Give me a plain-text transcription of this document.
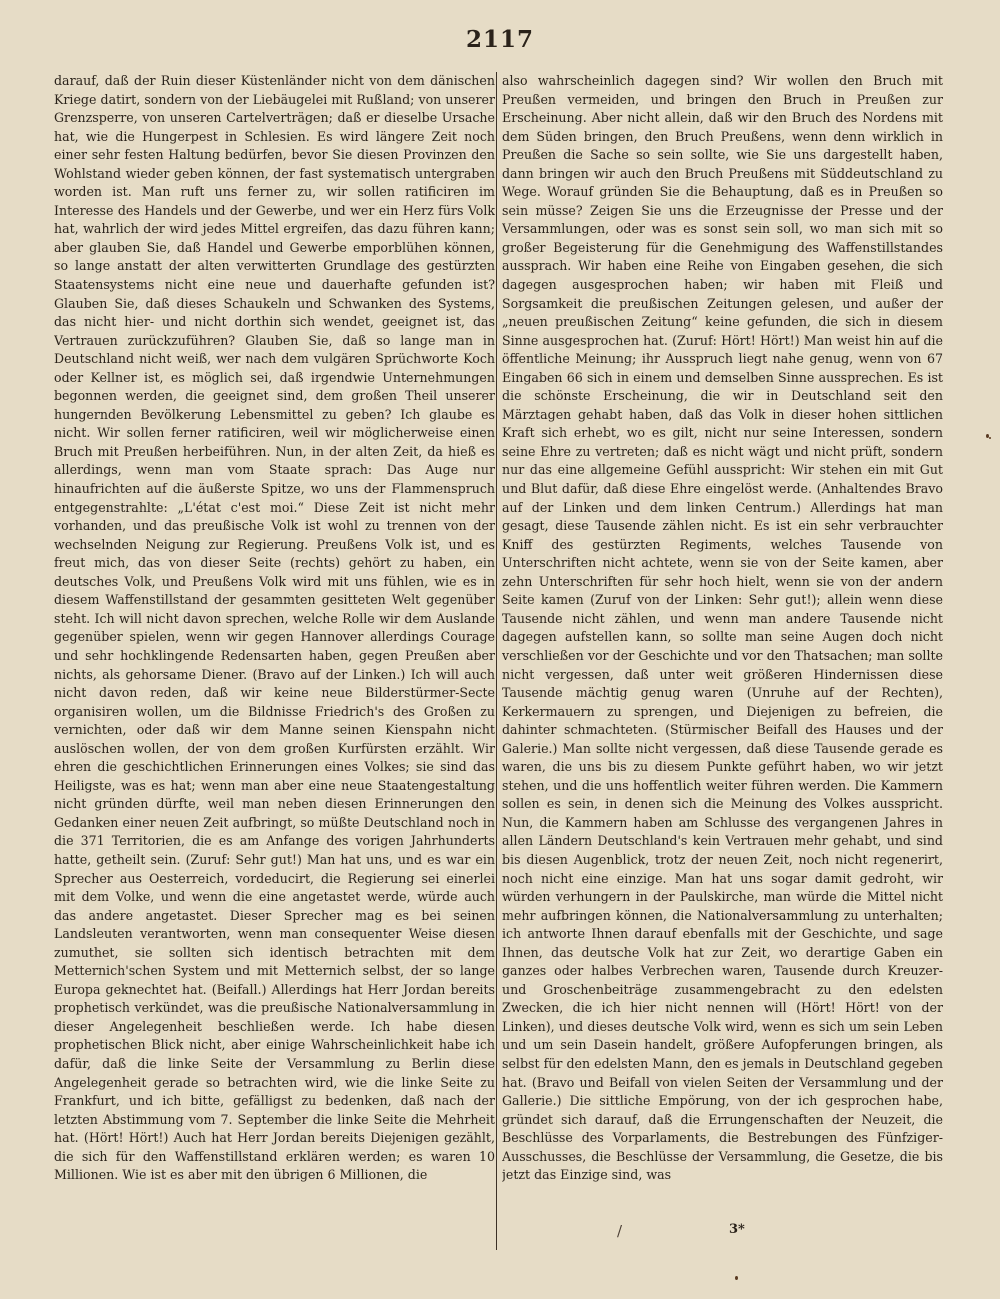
2117

darauf, daß der Ruin dieser Küstenländer nicht von dem dänischen Kriege datirt, sondern von der Liebäugelei mit Rußland; von unserer Grenzsperre, von unseren Cartelverträgen; daß er dieselbe Ursache hat, wie die Hungerpest in Schlesien. Es wird längere Zeit noch einer sehr festen Haltung bedürfen, bevor Sie diesen Provinzen den Wohlstand wieder geben können, der fast systematisch untergraben worden ist. Man ruft uns ferner zu, wir sollen ratificiren im Interesse des Handels und der Gewerbe, und wer ein Herz fürs Volk hat, wahrlich der wird jedes Mittel ergreifen, das dazu führen kann; aber glauben Sie, daß Handel und Gewerbe emporblühen können, so lange anstatt der alten verwitterten Grundlage des gestürzten Staatensystems nicht eine neue und dauerhafte gefunden ist? Glauben Sie, daß dieses Schaukeln und Schwanken des Systems, das nicht hier- und nicht dorthin sich wendet, geeignet ist, das Vertrauen zurückzuführen? Glauben Sie, daß so lange man in Deutschland nicht weiß, wer nach dem vulgären Sprüchworte Koch oder Kellner ist, es möglich sei, daß irgendwie Unternehmungen begonnen werden, die geeignet sind, dem großen Theil unserer hungernden Bevölkerung Lebensmittel zu geben? Ich glaube es nicht. Wir sollen ferner ratificiren, weil wir möglicherweise einen Bruch mit Preußen herbeiführen. Nun, in der alten Zeit, da hieß es allerdings, wenn man vom Staate sprach: Das Auge nur hinaufrichten auf die äußerste Spitze, wo uns der Flammenspruch entgegenstrahlte: „L'état c'est moi.“ Diese Zeit ist nicht mehr vorhanden, und das preußische Volk ist wohl zu trennen von der wechselnden Neigung zur Regierung. Preußens Volk ist, und es freut mich, das von dieser Seite (rechts) gehört zu haben, ein deutsches Volk, und Preußens Volk wird mit uns fühlen, wie es in diesem Waffenstillstand der gesammten gesitteten Welt gegenüber steht. Ich will nicht davon sprechen, welche Rolle wir dem Auslande gegenüber spielen, wenn wir gegen Hannover allerdings Courage und sehr hochklingende Redensarten haben, gegen Preußen aber nichts, als gehorsame Diener. (Bravo auf der Linken.) Ich will auch nicht davon reden, daß wir keine neue Bilderstürmer-Secte organisiren wollen, um die Bildnisse Friedrich's des Großen zu vernichten, oder daß wir dem Manne seinen Kienspahn nicht auslöschen wollen, der von dem großen Kurfürsten erzählt. Wir ehren die geschichtlichen Erinnerungen eines Volkes; sie sind das Heiligste, was es hat; wenn man aber eine neue Staatengestaltung nicht gründen dürfte, weil man neben diesen Erinnerungen den Gedanken einer neuen Zeit aufbringt, so müßte Deutschland noch in die 371 Territorien, die es am Anfange des vorigen Jahrhunderts hatte, getheilt sein. (Zuruf: Sehr gut!) Man hat uns, und es war ein Sprecher aus Oesterreich, vordeducirt, die Regierung sei einerlei mit dem Volke, und wenn die eine angetastet werde, würde auch das andere angetastet. Dieser Sprecher mag es bei seinen Landsleuten verantworten, wenn man consequenter Weise diesen zumuthet, sie sollten sich identisch betrachten mit dem Metternich'schen System und mit Metternich selbst, der so lange Europa geknechtet hat. (Beifall.) Allerdings hat Herr Jordan bereits prophetisch verkündet, was die preußische Nationalversammlung in dieser Angelegenheit beschließen werde. Ich habe diesen prophetischen Blick nicht, aber einige Wahrscheinlichkeit habe ich dafür, daß die linke Seite der Versammlung zu Berlin diese Angelegenheit gerade so betrachten wird, wie die linke Seite zu Frankfurt, und ich bitte, gefälligst zu bedenken, daß nach der letzten Abstimmung vom 7. September die linke Seite die Mehrheit hat. (Hört! Hört!) Auch hat Herr Jordan bereits Diejenigen gezählt, die sich für den Waffenstillstand erklären werden; es waren 10 Millionen. Wie ist es aber mit den übrigen 6 Millionen, die

also wahrscheinlich dagegen sind? Wir wollen den Bruch mit Preußen vermeiden, und bringen den Bruch in Preußen zur Erscheinung. Aber nicht allein, daß wir den Bruch des Nordens mit dem Süden bringen, den Bruch Preußens, wenn denn wirklich in Preußen die Sache so sein sollte, wie Sie uns dargestellt haben, dann bringen wir auch den Bruch Preußens mit Süddeutschland zu Wege. Worauf gründen Sie die Behauptung, daß es in Preußen so sein müsse? Zeigen Sie uns die Erzeugnisse der Presse und der Versammlungen, oder was es sonst sein soll, wo man sich mit so großer Begeisterung für die Genehmigung des Waffenstillstandes aussprach. Wir haben eine Reihe von Eingaben gesehen, die sich dagegen ausgesprochen haben; wir haben mit Fleiß und Sorgsamkeit die preußischen Zeitungen gelesen, und außer der „neuen preußischen Zeitung“ keine gefunden, die sich in diesem Sinne ausgesprochen hat. (Zuruf: Hört! Hört!) Man weist hin auf die öffentliche Meinung; ihr Ausspruch liegt nahe genug, wenn von 67 Eingaben 66 sich in einem und demselben Sinne aussprechen. Es ist die schönste Erscheinung, die wir in Deutschland seit den Märztagen gehabt haben, daß das Volk in dieser hohen sittlichen Kraft sich erhebt, wo es gilt, nicht nur seine Interessen, sondern seine Ehre zu vertreten; daß es nicht wägt und nicht prüft, sondern nur das eine allgemeine Gefühl ausspricht: Wir stehen ein mit Gut und Blut dafür, daß diese Ehre eingelöst werde. (Anhaltendes Bravo auf der Linken und dem linken Centrum.) Allerdings hat man gesagt, diese Tausende zählen nicht. Es ist ein sehr verbrauchter Kniff des gestürzten Regiments, welches Tausende von Unterschriften nicht achtete, wenn sie von der Seite kamen, aber zehn Unterschriften für sehr hoch hielt, wenn sie von der andern Seite kamen (Zuruf von der Linken: Sehr gut!); allein wenn diese Tausende nicht zählen, und wenn man andere Tausende nicht dagegen aufstellen kann, so sollte man seine Augen doch nicht verschließen vor der Geschichte und vor den Thatsachen; man sollte nicht vergessen, daß unter weit größeren Hindernissen diese Tausende mächtig genug waren (Unruhe auf der Rechten), Kerkermauern zu sprengen, und Diejenigen zu befreien, die dahinter schmachteten. (Stürmischer Beifall des Hauses und der Galerie.) Man sollte nicht vergessen, daß diese Tausende gerade es waren, die uns bis zu diesem Punkte geführt haben, wo wir jetzt stehen, und die uns hoffentlich weiter führen werden. Die Kammern sollen es sein, in denen sich die Meinung des Volkes ausspricht. Nun, die Kammern haben am Schlusse des vergangenen Jahres in allen Ländern Deutschland's kein Vertrauen mehr gehabt, und sind bis diesen Augenblick, trotz der neuen Zeit, noch nicht regenerirt, noch nicht eine einzige. Man hat uns sogar damit gedroht, wir würden verhungern in der Paulskirche, man würde die Mittel nicht mehr aufbringen können, die Nationalversammlung zu unterhalten; ich antworte Ihnen darauf ebenfalls mit der Geschichte, und sage Ihnen, das deutsche Volk hat zur Zeit, wo derartige Gaben ein ganzes oder halbes Verbrechen waren, Tausende durch Kreuzer- und Groschenbeiträge zusammengebracht zu den edelsten Zwecken, die ich hier nicht nennen will (Hört! Hört! von der Linken), und dieses deutsche Volk wird, wenn es sich um sein Leben und um sein Dasein handelt, größere Aufopferungen bringen, als selbst für den edelsten Mann, den es jemals in Deutschland gegeben hat. (Bravo und Beifall von vielen Seiten der Versammlung und der Gallerie.) Die sittliche Empörung, von der ich gesprochen habe, gründet sich darauf, daß die Errungenschaften der Neuzeit, die Beschlüsse des Vorparlaments, die Bestrebungen des Fünfziger-Ausschusses, die Beschlüsse der Versammlung, die Gesetze, die bis jetzt das Einzige sind, was

/	3*
